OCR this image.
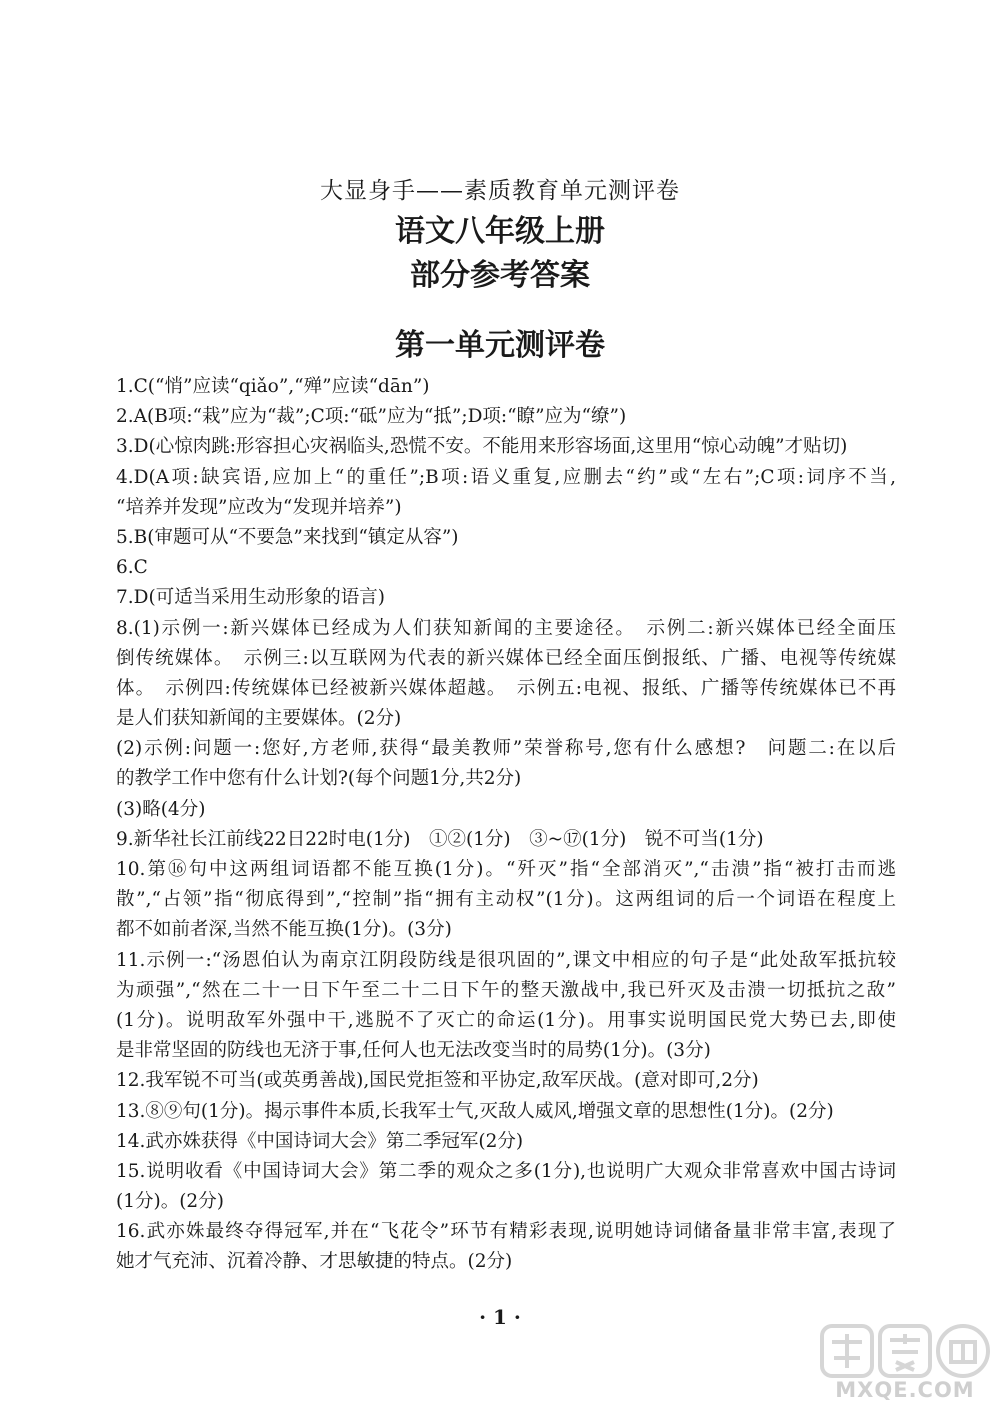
大显身手——素质教育单元测评卷
语文八年级上册
部分参考答案
第一单元测评卷
1.C(“悄”应读“qiǎo”,“殚”应读“dān”)
2.A(B项:“栽”应为“裁”;C项:“砥”应为“抵”;D项:“瞭”应为“缭”)
3.D(心惊肉跳:形容担心灾祸临头,恐慌不安。不能用来形容场面,这里用“惊心动魄”才贴切)
4.D(A项:缺宾语,应加上“的重任”;B项:语义重复,应删去“约”或“左右”;C项:词序不当,
“培养并发现”应改为“发现并培养”)
5.B(审题可从“不要急”来找到“镇定从容”)
6.C
7.D(可适当采用生动形象的语言)
8.(1)示例一:新兴媒体已经成为人们获知新闻的主要途径。　示例二:新兴媒体已经全面压
倒传统媒体。　示例三:以互联网为代表的新兴媒体已经全面压倒报纸、广播、电视等传统媒
体。　示例四:传统媒体已经被新兴媒体超越。　示例五:电视、报纸、广播等传统媒体已不再
是人们获知新闻的主要媒体。(2分)
(2)示例:问题一:您好,方老师,获得“最美教师”荣誉称号,您有什么感想?　问题二:在以后
的教学工作中您有什么计划?(每个问题1分,共2分)
(3)略(4分)
9.新华社长江前线22日22时电(1分)　①②(1分)　③~⑰(1分)　锐不可当(1分)
10.第⑯句中这两组词语都不能互换(1分)。“歼灭”指“全部消灭”,“击溃”指“被打击而逃
散”,“占领”指“彻底得到”,“控制”指“拥有主动权”(1分)。这两组词的后一个词语在程度上
都不如前者深,当然不能互换(1分)。(3分)
11.示例一:“汤恩伯认为南京江阴段防线是很巩固的”,课文中相应的句子是“此处敌军抵抗较
为顽强”,“然在二十一日下午至二十二日下午的整天激战中,我已歼灭及击溃一切抵抗之敌”
(1分)。说明敌军外强中干,逃脱不了灭亡的命运(1分)。用事实说明国民党大势已去,即使
是非常坚固的防线也无济于事,任何人也无法改变当时的局势(1分)。(3分)
12.我军锐不可当(或英勇善战),国民党拒签和平协定,敌军厌战。(意对即可,2分)
13.⑧⑨句(1分)。揭示事件本质,长我军士气,灭敌人威风,增强文章的思想性(1分)。(2分)
14.武亦姝获得《中国诗词大会》第二季冠军(2分)
15.说明收看《中国诗词大会》第二季的观众之多(1分),也说明广大观众非常喜欢中国古诗词
(1分)。(2分)
16.武亦姝最终夺得冠军,并在“飞花令”环节有精彩表现,说明她诗词储备量非常丰富,表现了
她才气充沛、沉着冷静、才思敏捷的特点。(2分)
· 1 ·
MXQE.COM
